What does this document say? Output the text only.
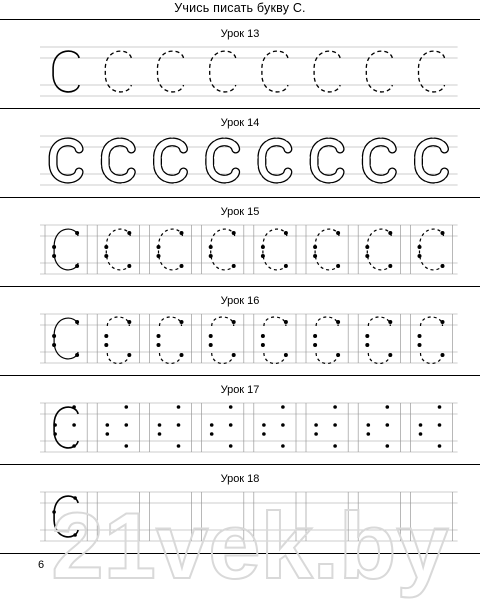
Учись писать букву С.
Урок 13
Урок 14
Урок 15
Урок 16
Урок 17
Урок 18
6 21vek.by
